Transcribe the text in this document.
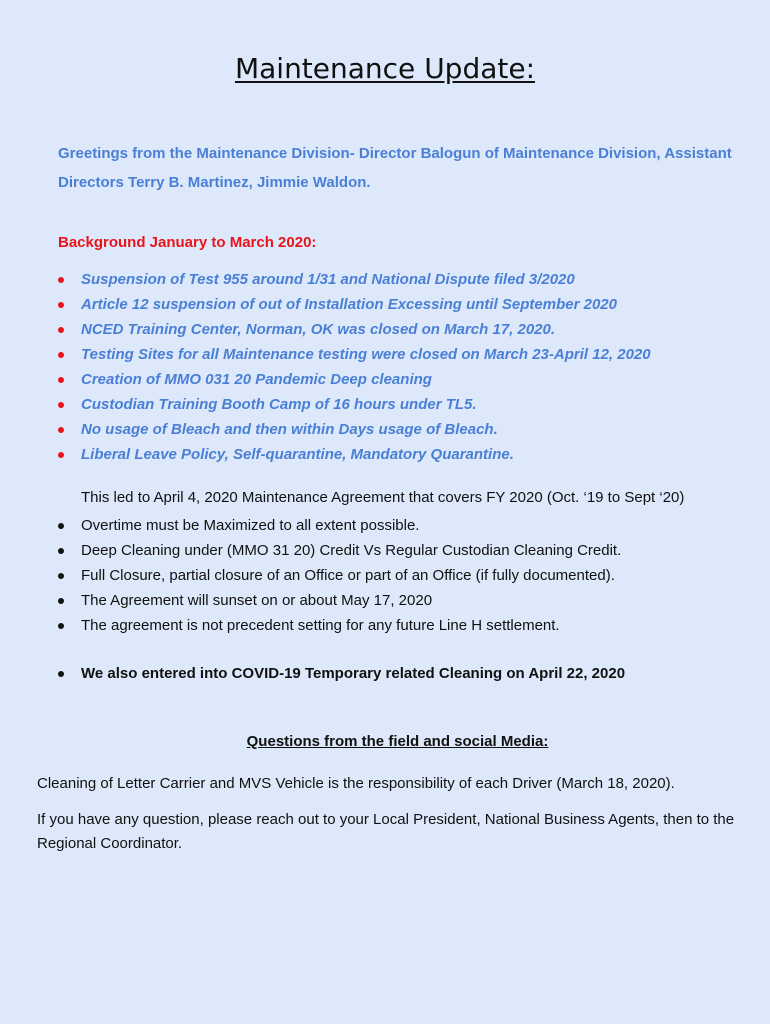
Maintenance Update:
Greetings from the Maintenance Division- Director Balogun of Maintenance Division, Assistant Directors Terry B. Martinez, Jimmie Waldon.
Background January to March 2020:
Suspension of Test 955 around 1/31 and National Dispute filed 3/2020
Article 12 suspension of out of Installation Excessing until September 2020
NCED Training Center, Norman, OK was closed on March 17, 2020.
Testing Sites for all Maintenance testing were closed on March 23-April 12, 2020
Creation of MMO 031 20 Pandemic Deep cleaning
Custodian Training Booth Camp of 16 hours under TL5.
No usage of Bleach and then within Days usage of Bleach.
Liberal Leave Policy, Self-quarantine, Mandatory Quarantine.
This led to April 4, 2020 Maintenance Agreement that covers FY 2020 (Oct. ‘19 to Sept ‘20)
Overtime must be Maximized to all extent possible.
Deep Cleaning under (MMO 31 20) Credit Vs Regular Custodian Cleaning Credit.
Full Closure, partial closure of an Office or part of an Office (if fully documented).
The Agreement will sunset on or about May 17, 2020
The agreement is not precedent setting for any future Line H settlement.
We also entered into COVID-19 Temporary related Cleaning on April 22, 2020
Questions from the field and social Media:
Cleaning of Letter Carrier and MVS Vehicle is the responsibility of each Driver (March 18, 2020).
If you have any question, please reach out to your Local President, National Business Agents, then to the Regional Coordinator.
